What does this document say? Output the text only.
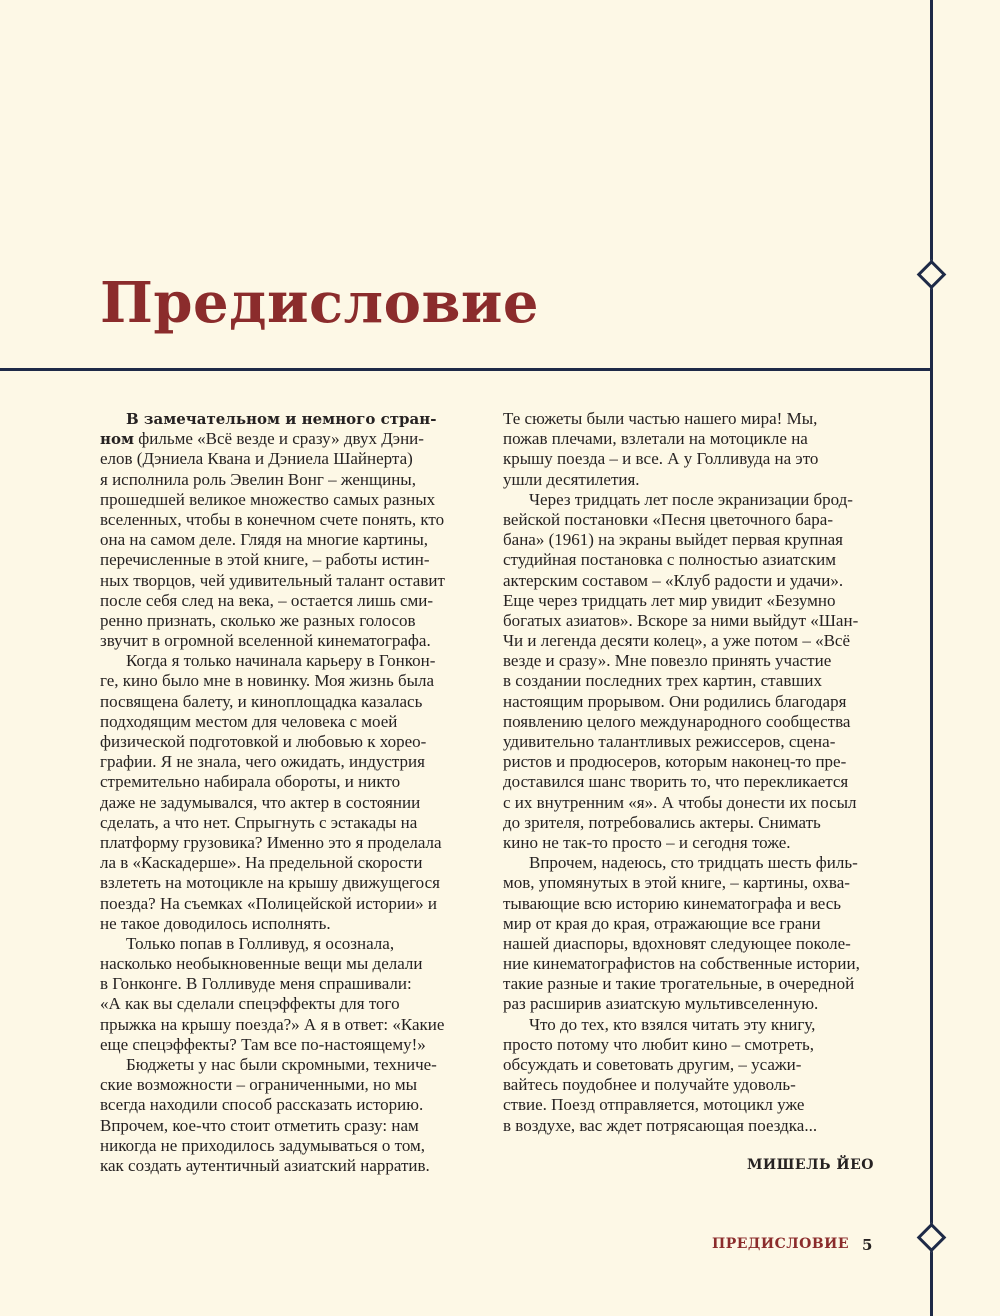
Предисловие
В замечательном и немного стран-
ном фильме «Всё везде и сразу» двух Дэни-
елов (Дэниела Квана и Дэниела Шайнерта)
я исполнила роль Эвелин Вонг – женщины,
прошедшей великое множество самых разных
вселенных, чтобы в конечном счете понять, кто
она на самом деле. Глядя на многие картины,
перечисленные в этой книге, – работы истин-
ных творцов, чей удивительный талант оставит
после себя след на века, – остается лишь сми-
ренно признать, сколько же разных голосов
звучит в огромной вселенной кинематографа.
Когда я только начинала карьеру в Гонкон-
ге, кино было мне в новинку. Моя жизнь была
посвящена балету, и киноплощадка казалась
подходящим местом для человека с моей
физической подготовкой и любовью к хорео-
графии. Я не знала, чего ожидать, индустрия
стремительно набирала обороты, и никто
даже не задумывался, что актер в состоянии
сделать, а что нет. Спрыгнуть с эстакады на
платформу грузовика? Именно это я проделала
ла в «Каскадерше». На предельной скорости
взлететь на мотоцикле на крышу движущегося
поезда? На съемках «Полицейской истории» и
не такое доводилось исполнять.
Только попав в Голливуд, я осознала,
насколько необыкновенные вещи мы делали
в Гонконге. В Голливуде меня спрашивали:
«А как вы сделали спецэффекты для того
прыжка на крышу поезда?» А я в ответ: «Какие
еще спецэффекты? Там все по-настоящему!»
Бюджеты у нас были скромными, техниче-
ские возможности – ограниченными, но мы
всегда находили способ рассказать историю.
Впрочем, кое-что стоит отметить сразу: нам
никогда не приходилось задумываться о том,
как создать аутентичный азиатский нарратив.
Те сюжеты были частью нашего мира! Мы,
пожав плечами, взлетали на мотоцикле на
крышу поезда – и все. А у Голливуда на это
ушли десятилетия.
Через тридцать лет после экранизации брод-
вейской постановки «Песня цветочного бара-
бана» (1961) на экраны выйдет первая крупная
студийная постановка с полностью азиатским
актерским составом – «Клуб радости и удачи».
Еще через тридцать лет мир увидит «Безумно
богатых азиатов». Вскоре за ними выйдут «Шан-
Чи и легенда десяти колец», а уже потом – «Всё
везде и сразу». Мне повезло принять участие
в создании последних трех картин, ставших
настоящим прорывом. Они родились благодаря
появлению целого международного сообщества
удивительно талантливых режиссеров, сцена-
ристов и продюсеров, которым наконец-то пре-
доставился шанс творить то, что перекликается
с их внутренним «я». А чтобы донести их посыл
до зрителя, потребовались актеры. Снимать
кино не так-то просто – и сегодня тоже.
Впрочем, надеюсь, сто тридцать шесть филь-
мов, упомянутых в этой книге, – картины, охва-
тывающие всю историю кинематографа и весь
мир от края до края, отражающие все грани
нашей диаспоры, вдохновят следующее поколе-
ние кинематографистов на собственные истории,
такие разные и такие трогательные, в очередной
раз расширив азиатскую мультивселенную.
Что до тех, кто взялся читать эту книгу,
просто потому что любит кино – смотреть,
обсуждать и советовать другим, – усажи-
вайтесь поудобнее и получайте удоволь-
ствие. Поезд отправляется, мотоцикл уже
в воздухе, вас ждет потрясающая поездка...
МИШЕЛЬ ЙЕО
ПРЕДИСЛОВИЕ 5
